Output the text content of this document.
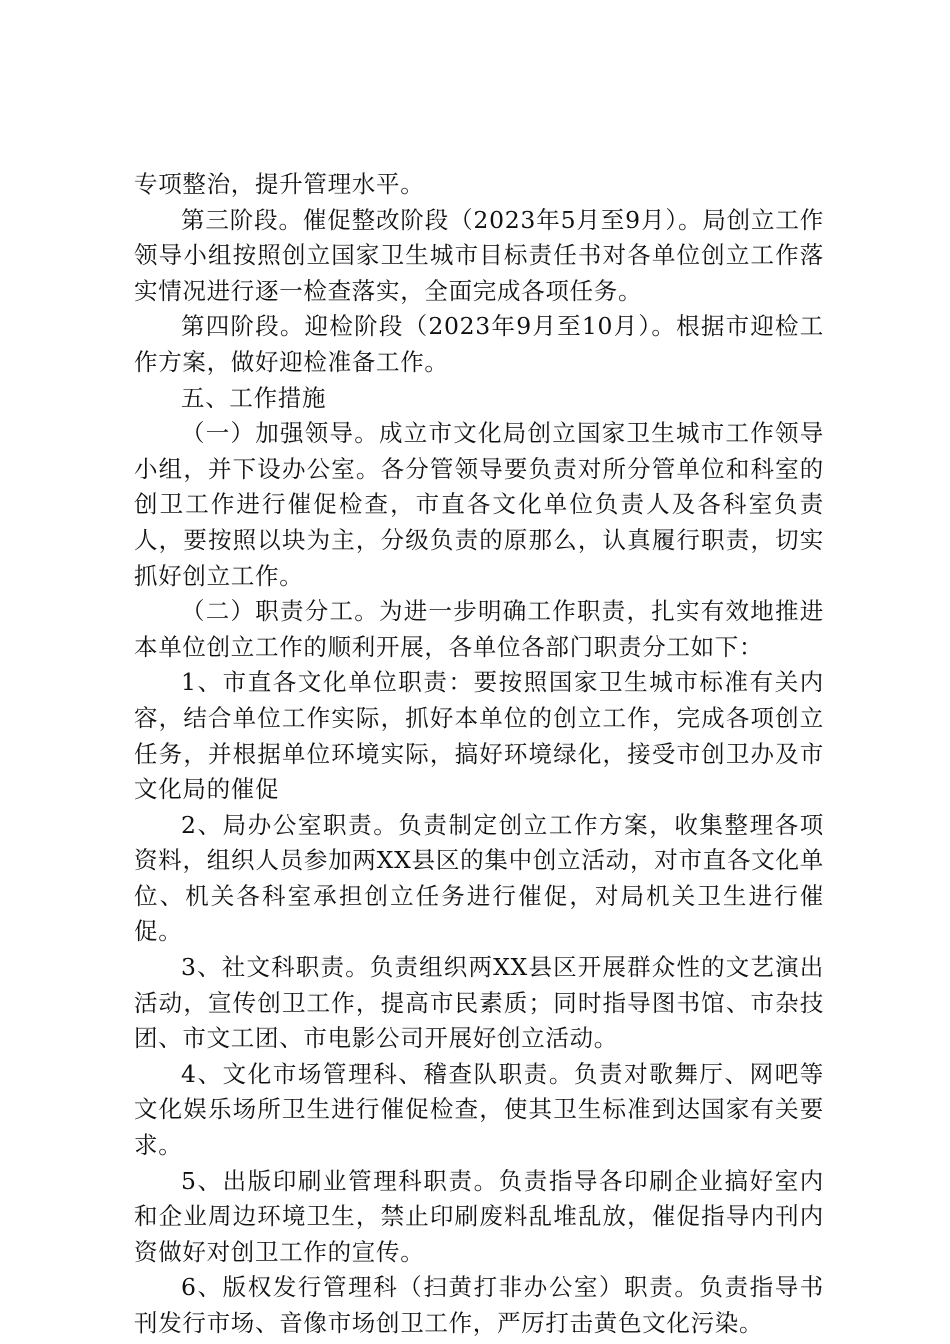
专项整治，提升管理水平。

第三阶段。催促整改阶段（2023年5月至9月）。局创立工作领导小组按照创立国家卫生城市目标责任书对各单位创立工作落实情况进行逐一检查落实，全面完成各项任务。

第四阶段。迎检阶段（2023年9月至10月）。根据市迎检工作方案，做好迎检准备工作。

五、工作措施

（一）加强领导。成立市文化局创立国家卫生城市工作领导小组，并下设办公室。各分管领导要负责对所分管单位和科室的创卫工作进行催促检查，市直各文化单位负责人及各科室负责人，要按照以块为主，分级负责的原那么，认真履行职责，切实抓好创立工作。

（二）职责分工。为进一步明确工作职责，扎实有效地推进本单位创立工作的顺利开展，各单位各部门职责分工如下：

1、市直各文化单位职责：要按照国家卫生城市标准有关内容，结合单位工作实际，抓好本单位的创立工作，完成各项创立任务，并根据单位环境实际，搞好环境绿化，接受市创卫办及市文化局的催促

2、局办公室职责。负责制定创立工作方案，收集整理各项资料，组织人员参加两XX县区的集中创立活动，对市直各文化单位、机关各科室承担创立任务进行催促，对局机关卫生进行催促。

3、社文科职责。负责组织两XX县区开展群众性的文艺演出活动，宣传创卫工作，提高市民素质；同时指导图书馆、市杂技团、市文工团、市电影公司开展好创立活动。

4、文化市场管理科、稽查队职责。负责对歌舞厅、网吧等文化娱乐场所卫生进行催促检查，使其卫生标准到达国家有关要求。

5、出版印刷业管理科职责。负责指导各印刷企业搞好室内和企业周边环境卫生，禁止印刷废料乱堆乱放，催促指导内刊内资做好对创卫工作的宣传。

6、版权发行管理科（扫黄打非办公室）职责。负责指导书刊发行市场、音像市场创卫工作，严厉打击黄色文化污染。
